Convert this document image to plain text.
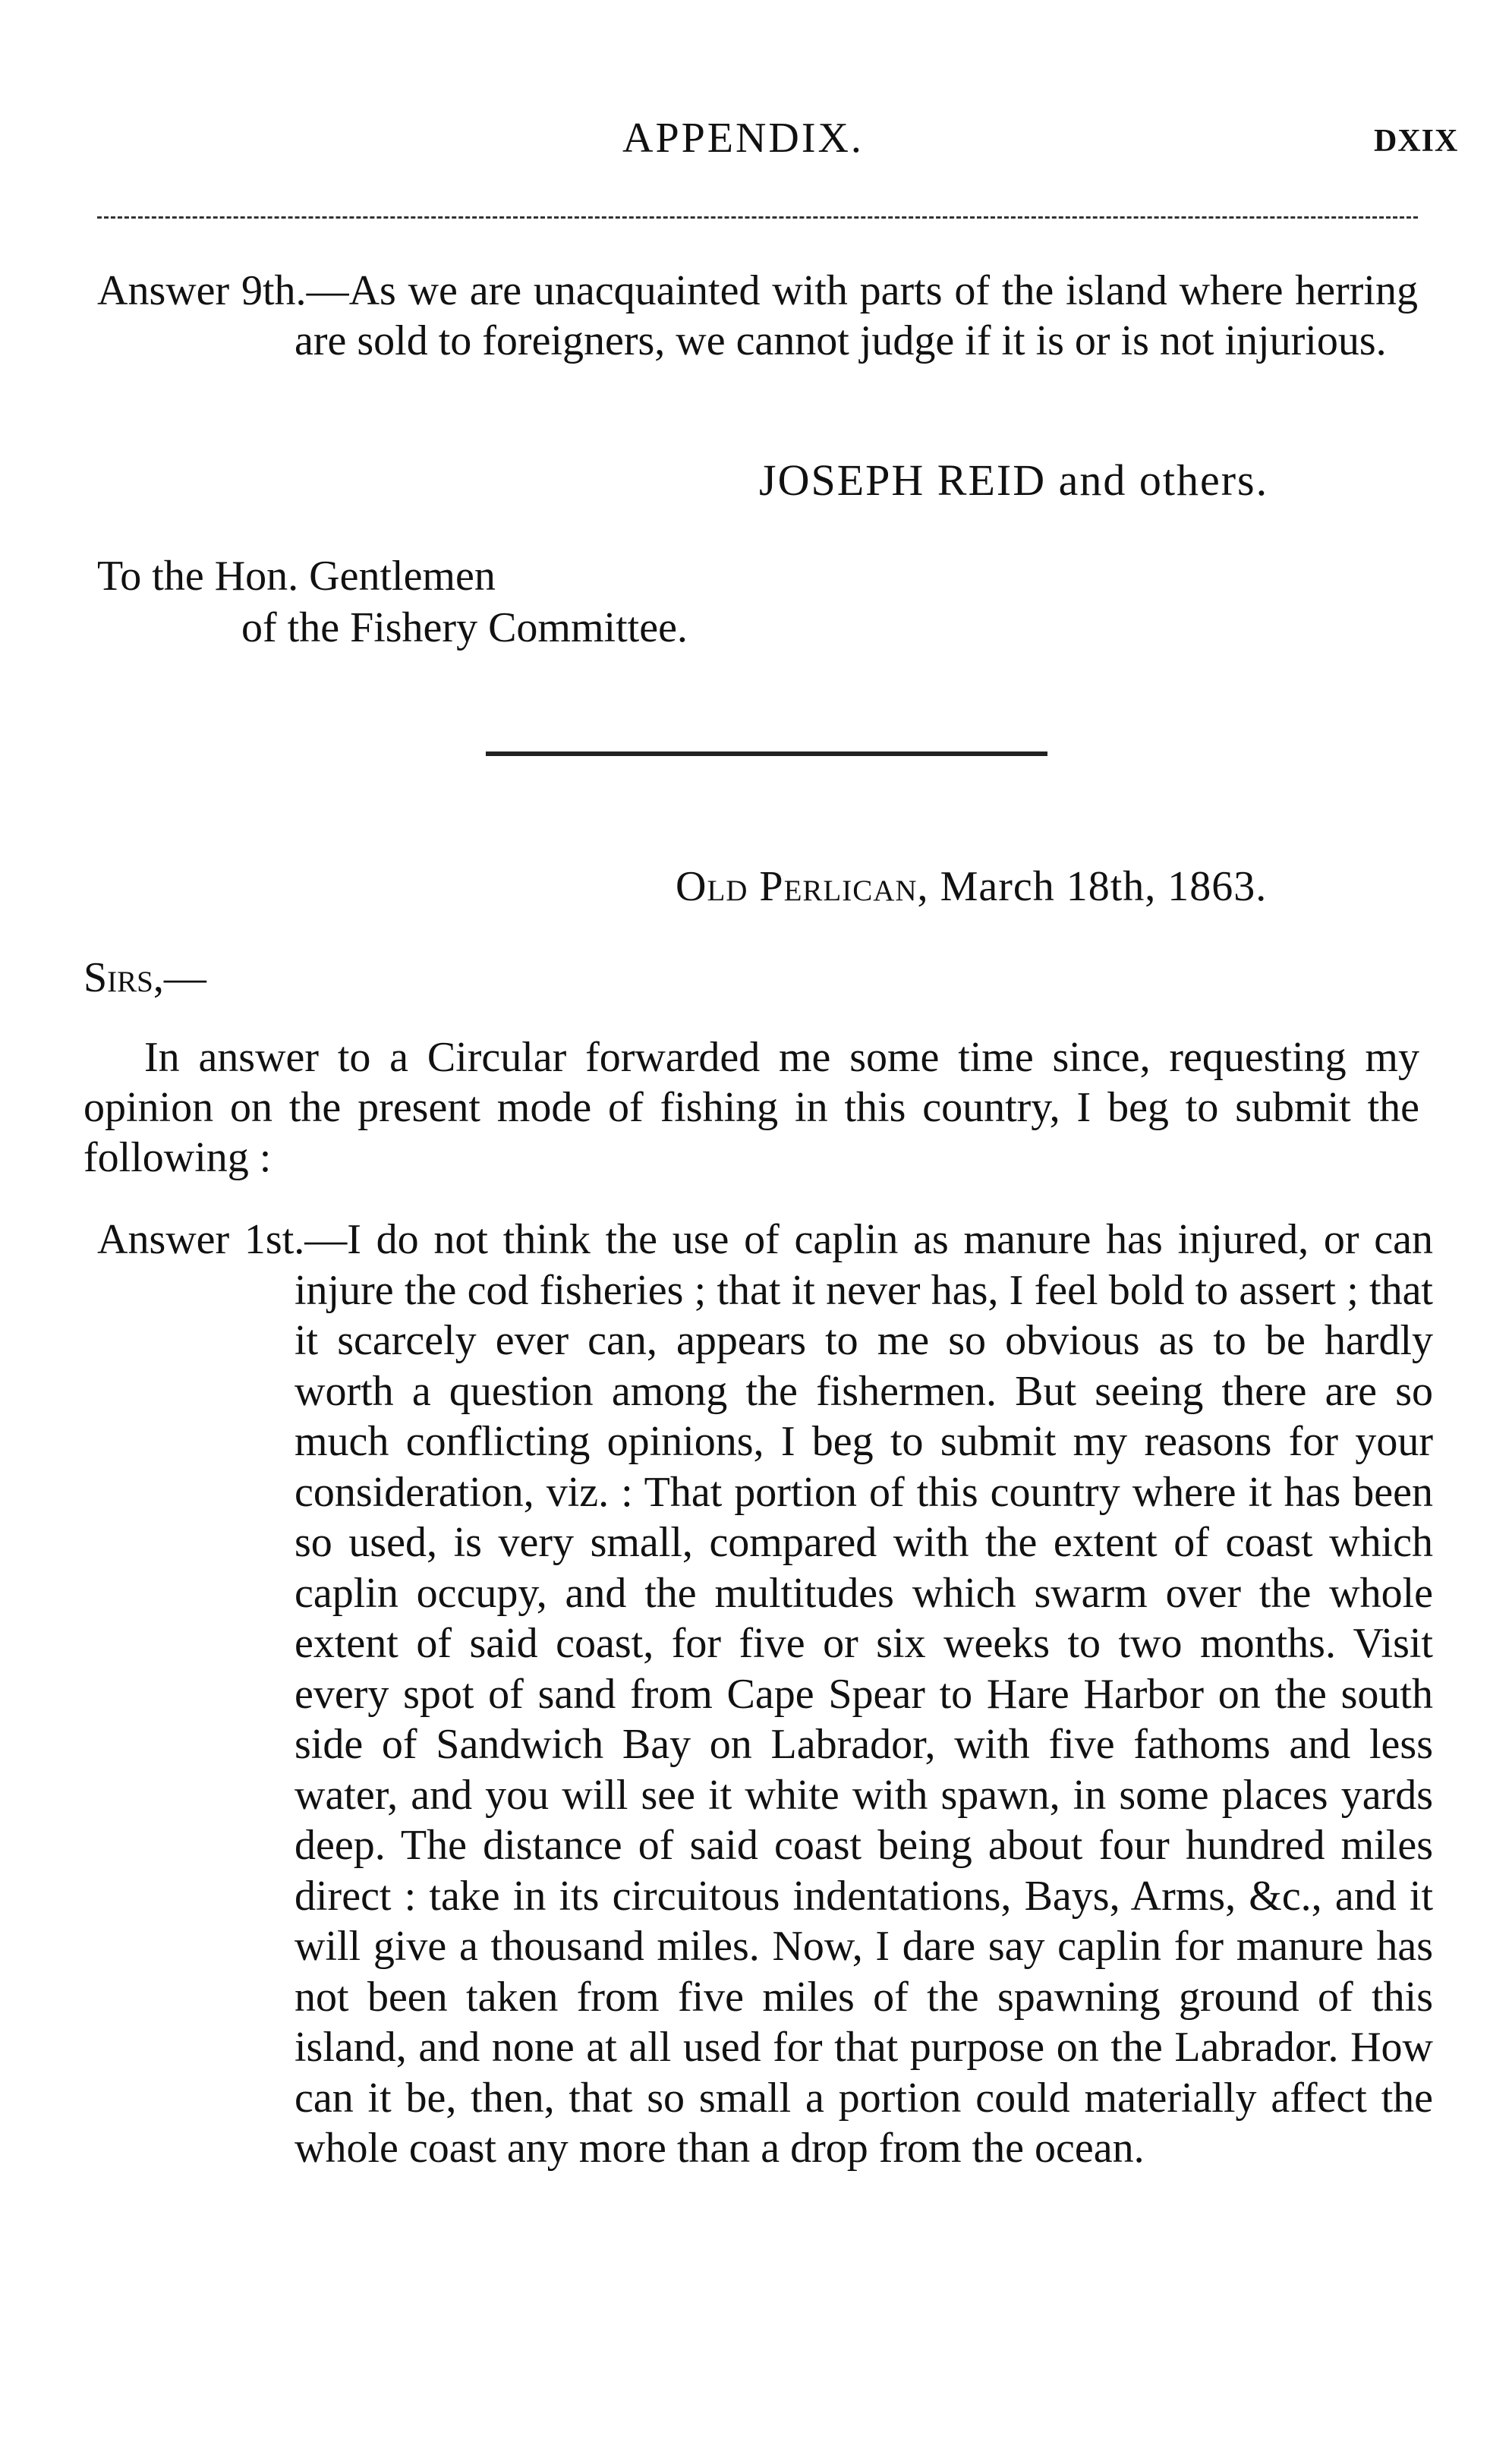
APPENDIX.	DXIX

Answer 9th.—As we are unacquainted with parts of the island where herring are sold to foreigners, we cannot judge if it is or is not injurious.

JOSEPH REID and others.
To the Hon. Gentlemen
of the Fishery Committee.
Old Perlican, March 18th, 1863.
Sirs,—

In answer to a Circular forwarded me some time since, requesting my opinion on the present mode of fishing in this country, I beg to submit the following :

Answer 1st.—I do not think the use of caplin as manure has injured, or can injure the cod fisheries ; that it never has, I feel bold to assert ; that it scarcely ever can, appears to me so obvious as to be hardly worth a question among the fishermen. But seeing there are so much conflicting opinions, I beg to submit my reasons for your consideration, viz. : That portion of this country where it has been so used, is very small, compared with the extent of coast which caplin occupy, and the multitudes which swarm over the whole extent of said coast, for five or six weeks to two months. Visit every spot of sand from Cape Spear to Hare Harbor on the south side of Sandwich Bay on Labrador, with five fathoms and less water, and you will see it white with spawn, in some places yards deep. The distance of said coast being about four hundred miles direct : take in its circuitous indentations, Bays, Arms, &c., and it will give a thousand miles. Now, I dare say caplin for manure has not been taken from five miles of the spawning ground of this island, and none at all used for that purpose on the Labrador. How can it be, then, that so small a portion could materially affect the whole coast any more than a drop from the ocean.
